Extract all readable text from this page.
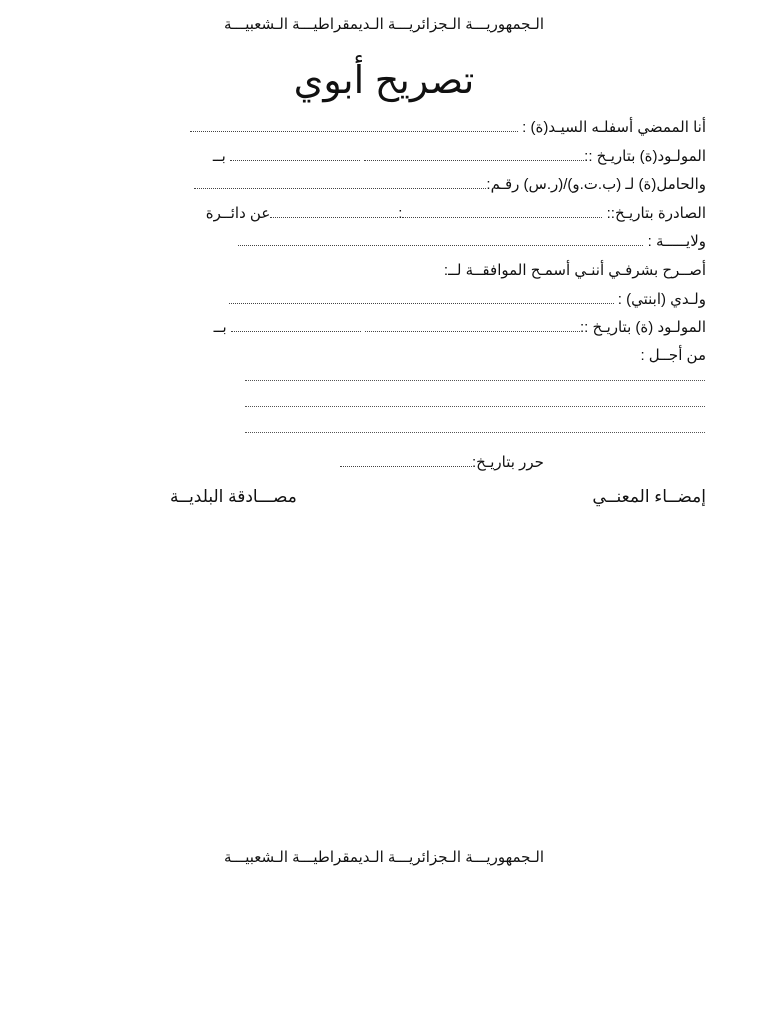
الـجمهوريـــة الـجزائريـــة الـديمقراطيـــة الـشعبيـــة
تصريح أبوي
أنا الممضي أسفلـه السيـد(ة) :
المولـود(ة) بتاريـخ ::  بــ
والحامل(ة) لـ (ب.ت.و)/(ر.س) رقـم:
الصادرة بتاريـخ:: :عن دائــرة
ولايـــــة :
أصــرح بشرفـي أننـي أسمـح الموافقــة لــ:
ولـدي (ابنتي) :
المولـود (ة) بتاريـخ ::  بــ
من أجــل :
حرر بتاريـخ:
إمضــاء المعنــي
مصـــادقة البلديــة
الـجمهوريـــة الـجزائريـــة الـديمقراطيـــة الـشعبيـــة
